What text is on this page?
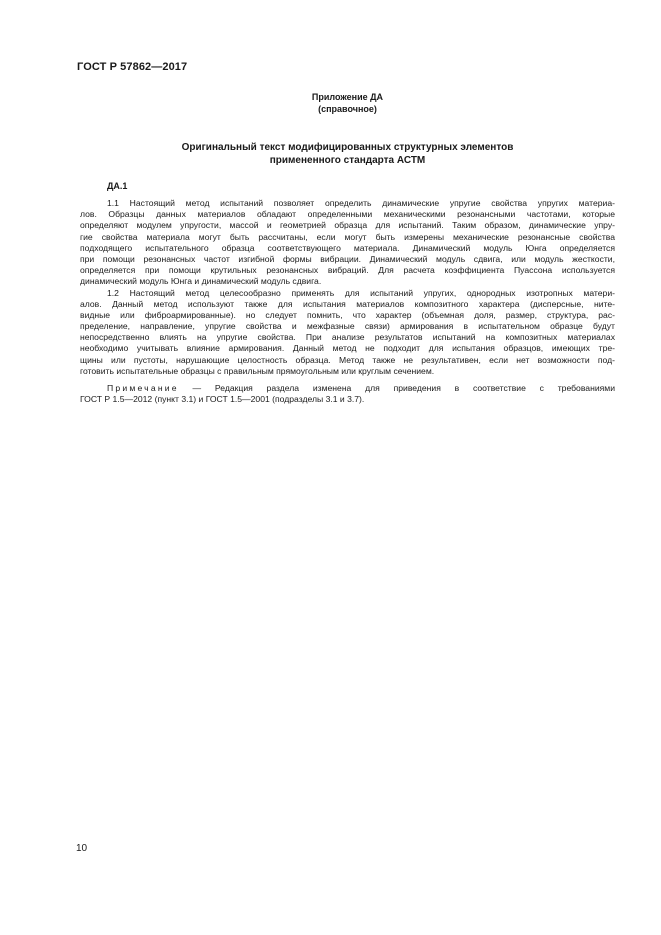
ГОСТ Р 57862—2017
Приложение ДА
(справочное)
Оригинальный текст модифицированных структурных элементов
примененного стандарта АСТМ
ДА.1
1.1 Настоящий метод испытаний позволяет определить динамические упругие свойства упругих материа-
лов. Образцы данных материалов обладают определенными механическими резонансными частотами, которые
определяют модулем упругости, массой и геометрией образца для испытаний. Таким образом, динамические упру-
гие свойства материала могут быть рассчитаны, если могут быть измерены механические резонансные свойства
подходящего испытательного образца соответствующего материала. Динамический модуль Юнга определяется
при помощи резонансных частот изгибной формы вибрации. Динамический модуль сдвига, или модуль жесткости,
определяется при помощи крутильных резонансных вибраций. Для расчета коэффициента Пуассона используется
динамический модуль Юнга и динамический модуль сдвига.
1.2 Настоящий метод целесообразно применять для испытаний упругих, однородных изотропных матери-
алов. Данный метод используют также для испытания материалов композитного характера (дисперсные, ните-
видные или фиброармированные). но следует помнить, что характер (объемная доля, размер, структура, рас-
пределение, направление, упругие свойства и межфазные связи) армирования в испытательном образце будут
непосредственно влиять на упругие свойства. При анализе результатов испытаний на композитных материалах
необходимо учитывать влияние армирования. Данный метод не подходит для испытания образцов, имеющих тре-
щины или пустоты, нарушающие целостность образца. Метод также не результативен, если нет возможности под-
готовить испытательные образцы с правильным прямоугольным или круглым сечением.
Примечание — Редакция раздела изменена для приведения в соответствие с требованиями
ГОСТ Р 1.5—2012 (пункт 3.1) и ГОСТ 1.5—2001 (подразделы 3.1 и 3.7).
10
